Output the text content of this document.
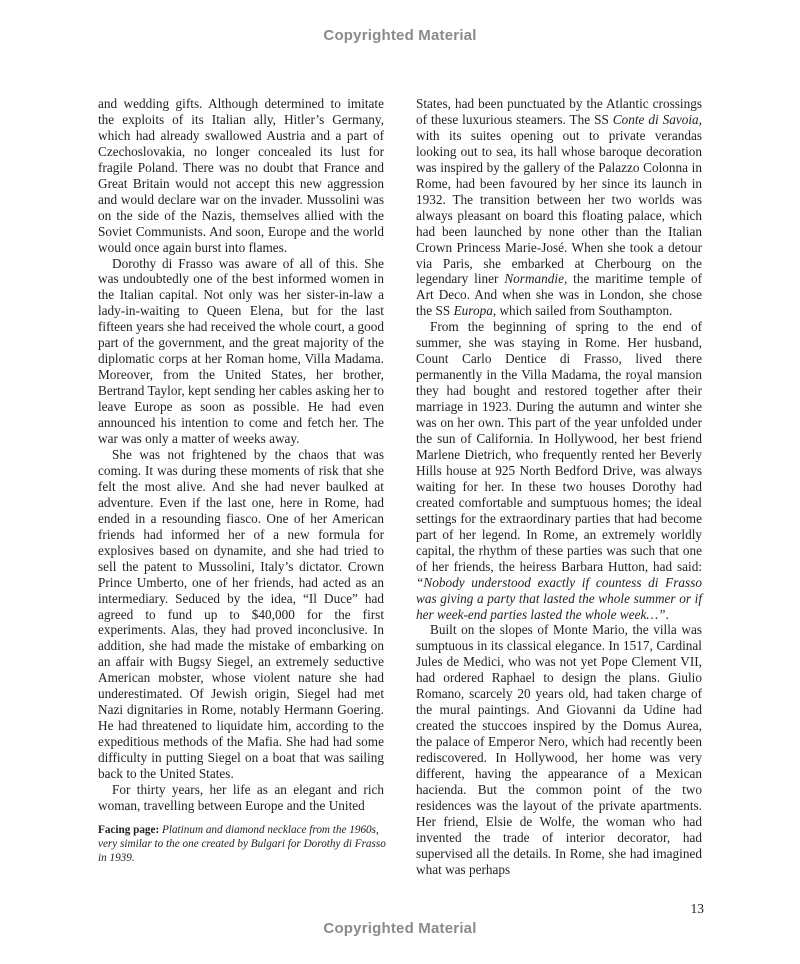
Copyrighted Material

and wedding gifts. Although determined to imitate the exploits of its Italian ally, Hitler’s Germany, which had already swallowed Austria and a part of Czechoslovakia, no longer concealed its lust for fragile Poland. There was no doubt that France and Great Britain would not accept this new aggression and would declare war on the invader. Mussolini was on the side of the Nazis, themselves allied with the Soviet Communists. And soon, Europe and the world would once again burst into flames.

Dorothy di Frasso was aware of all of this. She was undoubtedly one of the best informed women in the Italian capital. Not only was her sister-in-law a lady-in-waiting to Queen Elena, but for the last fifteen years she had received the whole court, a good part of the government, and the great majority of the diplomatic corps at her Roman home, Villa Madama. Moreover, from the United States, her brother, Bertrand Taylor, kept sending her cables asking her to leave Europe as soon as possible. He had even announced his intention to come and fetch her. The war was only a matter of weeks away.

She was not frightened by the chaos that was coming. It was during these moments of risk that she felt the most alive. And she had never baulked at adventure. Even if the last one, here in Rome, had ended in a resounding fiasco. One of her American friends had informed her of a new formula for explosives based on dynamite, and she had tried to sell the patent to Mussolini, Italy’s dictator. Crown Prince Umberto, one of her friends, had acted as an intermediary. Seduced by the idea, “Il Duce” had agreed to fund up to $40,000 for the first experiments. Alas, they had proved inconclusive. In addition, she had made the mistake of embarking on an affair with Bugsy Siegel, an extremely seductive American mobster, whose violent nature she had underestimated. Of Jewish origin, Siegel had met Nazi dignitaries in Rome, notably Hermann Goering. He had threatened to liquidate him, according to the expeditious methods of the Mafia. She had had some difficulty in putting Siegel on a boat that was sailing back to the United States.

For thirty years, her life as an elegant and rich woman, travelling between Europe and the United

Facing page: Platinum and diamond necklace from the 1960s, very similar to the one created by Bulgari for Dorothy di Frasso in 1939.

States, had been punctuated by the Atlantic crossings of these luxurious steamers. The SS Conte di Savoia, with its suites opening out to private verandas looking out to sea, its hall whose baroque decoration was inspired by the gallery of the Palazzo Colonna in Rome, had been favoured by her since its launch in 1932. The transition between her two worlds was always pleasant on board this floating palace, which had been launched by none other than the Italian Crown Princess Marie-José. When she took a detour via Paris, she embarked at Cherbourg on the legendary liner Normandie, the maritime temple of Art Deco. And when she was in London, she chose the SS Europa, which sailed from Southampton.

From the beginning of spring to the end of summer, she was staying in Rome. Her husband, Count Carlo Dentice di Frasso, lived there permanently in the Villa Madama, the royal mansion they had bought and restored together after their marriage in 1923. During the autumn and winter she was on her own. This part of the year unfolded under the sun of California. In Hollywood, her best friend Marlene Dietrich, who frequently rented her Beverly Hills house at 925 North Bedford Drive, was always waiting for her. In these two houses Dorothy had created comfortable and sumptuous homes; the ideal settings for the extraordinary parties that had become part of her legend. In Rome, an extremely worldly capital, the rhythm of these parties was such that one of her friends, the heiress Barbara Hutton, had said: “Nobody understood exactly if countess di Frasso was giving a party that lasted the whole summer or if her week-end parties lasted the whole week…”.

Built on the slopes of Monte Mario, the villa was sumptuous in its classical elegance. In 1517, Cardinal Jules de Medici, who was not yet Pope Clement VII, had ordered Raphael to design the plans. Giulio Romano, scarcely 20 years old, had taken charge of the mural paintings. And Giovanni da Udine had created the stuccoes inspired by the Domus Aurea, the palace of Emperor Nero, which had recently been rediscovered. In Hollywood, her home was very different, having the appearance of a Mexican hacienda. But the common point of the two residences was the layout of the private apartments. Her friend, Elsie de Wolfe, the woman who had invented the trade of interior decorator, had supervised all the details. In Rome, she had imagined what was perhaps

13
Copyrighted Material
